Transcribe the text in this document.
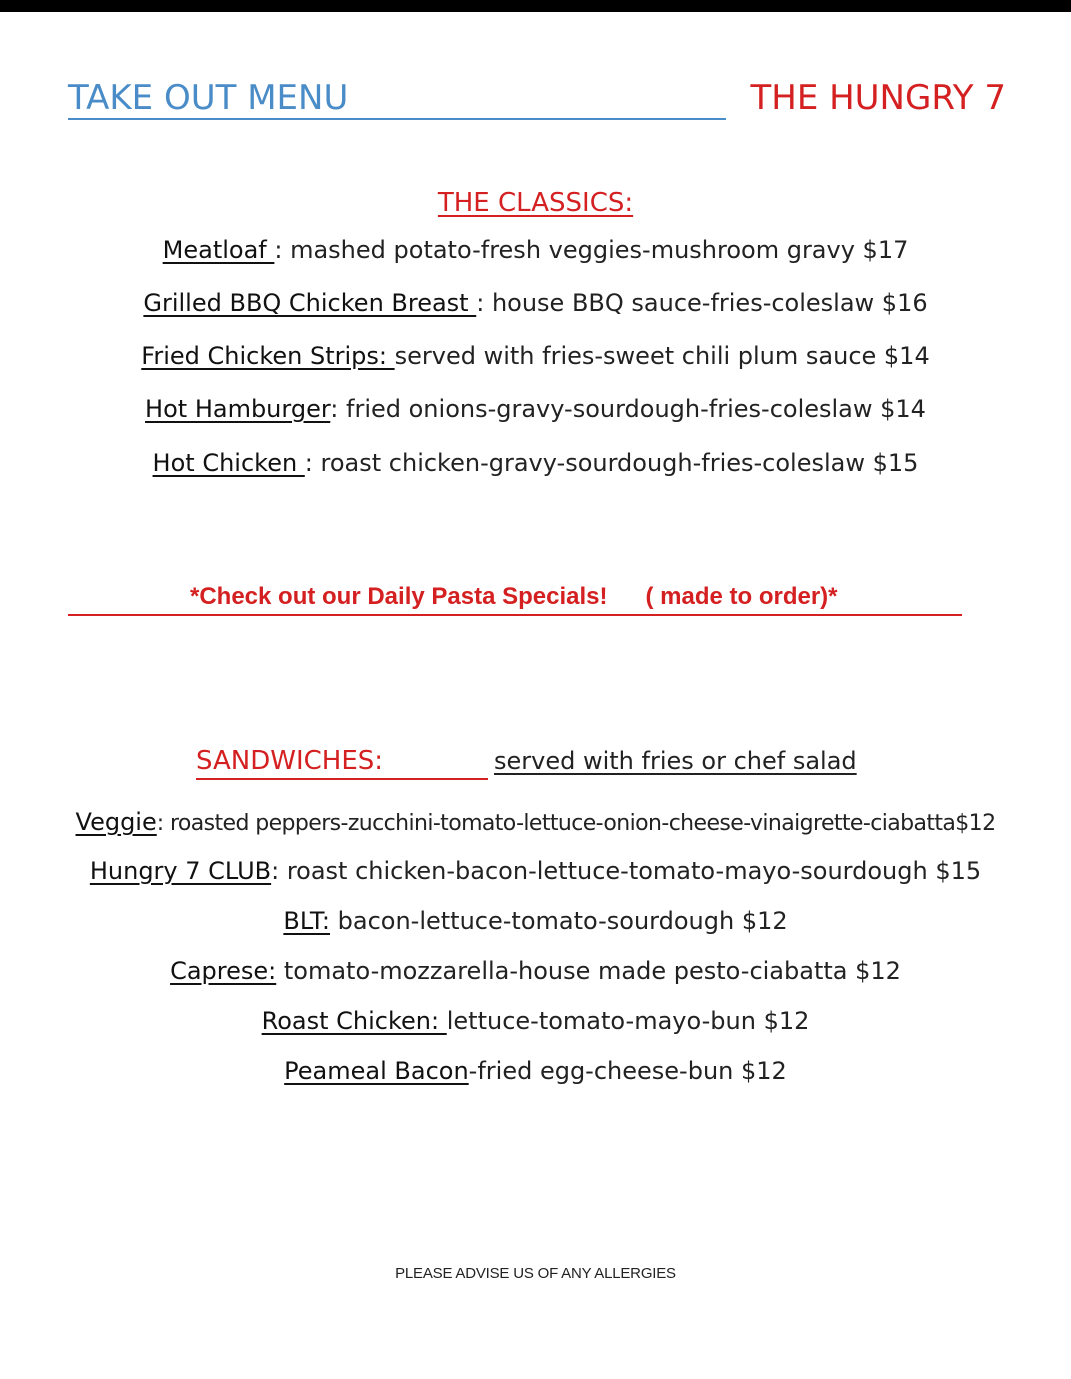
TAKE OUT MENU	THE HUNGRY 7
THE CLASSICS:
Meatloaf : mashed potato-fresh veggies-mushroom gravy $17
Grilled BBQ Chicken Breast : house BBQ sauce-fries-coleslaw $16
Fried Chicken Strips: served with fries-sweet chili plum sauce $14
Hot Hamburger: fried onions-gravy-sourdough-fries-coleslaw $14
Hot Chicken : roast chicken-gravy-sourdough-fries-coleslaw $15
*Check out our Daily Pasta Specials! ( made to order)*
SANDWICHES:	served with fries or chef salad
Veggie: roasted peppers-zucchini-tomato-lettuce-onion-cheese-vinaigrette-ciabatta$12
Hungry 7 CLUB: roast chicken-bacon-lettuce-tomato-mayo-sourdough $15
BLT: bacon-lettuce-tomato-sourdough $12
Caprese: tomato-mozzarella-house made pesto-ciabatta $12
Roast Chicken: lettuce-tomato-mayo-bun $12
Peameal Bacon-fried egg-cheese-bun $12
PLEASE ADVISE US OF ANY ALLERGIES
